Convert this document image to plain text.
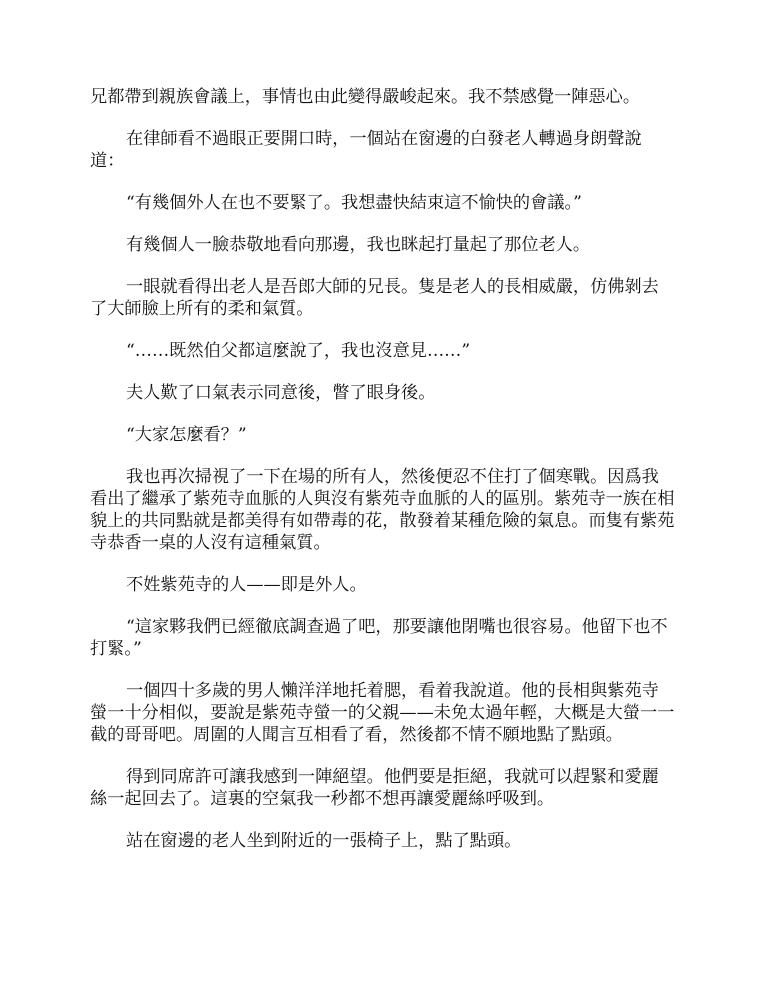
兄都帶到親族會議上，事情也由此變得嚴峻起來。我不禁感覺一陣惡心。

在律師看不過眼正要開口時，一個站在窗邊的白發老人轉過身朗聲說道：

“有幾個外人在也不要緊了。我想盡快結束這不愉快的會議。”

有幾個人一臉恭敬地看向那邊，我也眯起打量起了那位老人。

一眼就看得出老人是吾郎大師的兄長。隻是老人的長相威嚴，仿佛剝去了大師臉上所有的柔和氣質。

“……既然伯父都這麼說了，我也沒意見……”

夫人歎了口氣表示同意後，瞥了眼身後。

“大家怎麼看？”

我也再次掃視了一下在場的所有人，然後便忍不住打了個寒戰。因爲我看出了繼承了紫苑寺血脈的人與沒有紫苑寺血脈的人的區別。紫苑寺一族在相貌上的共同點就是都美得有如帶毒的花，散發着某種危險的氣息。而隻有紫苑寺恭香一桌的人沒有這種氣質。

不姓紫苑寺的人——即是外人。

“這家夥我們已經徹底調查過了吧，那要讓他閉嘴也很容易。他留下也不打緊。”

一個四十多歲的男人懶洋洋地托着腮，看着我說道。他的長相與紫苑寺螢一十分相似，要說是紫苑寺螢一的父親——未免太過年輕，大概是大螢一一截的哥哥吧。周圍的人聞言互相看了看，然後都不情不願地點了點頭。

得到同席許可讓我感到一陣絕望。他們要是拒絕，我就可以趕緊和愛麗絲一起回去了。這裏的空氣我一秒都不想再讓愛麗絲呼吸到。

站在窗邊的老人坐到附近的一張椅子上，點了點頭。
